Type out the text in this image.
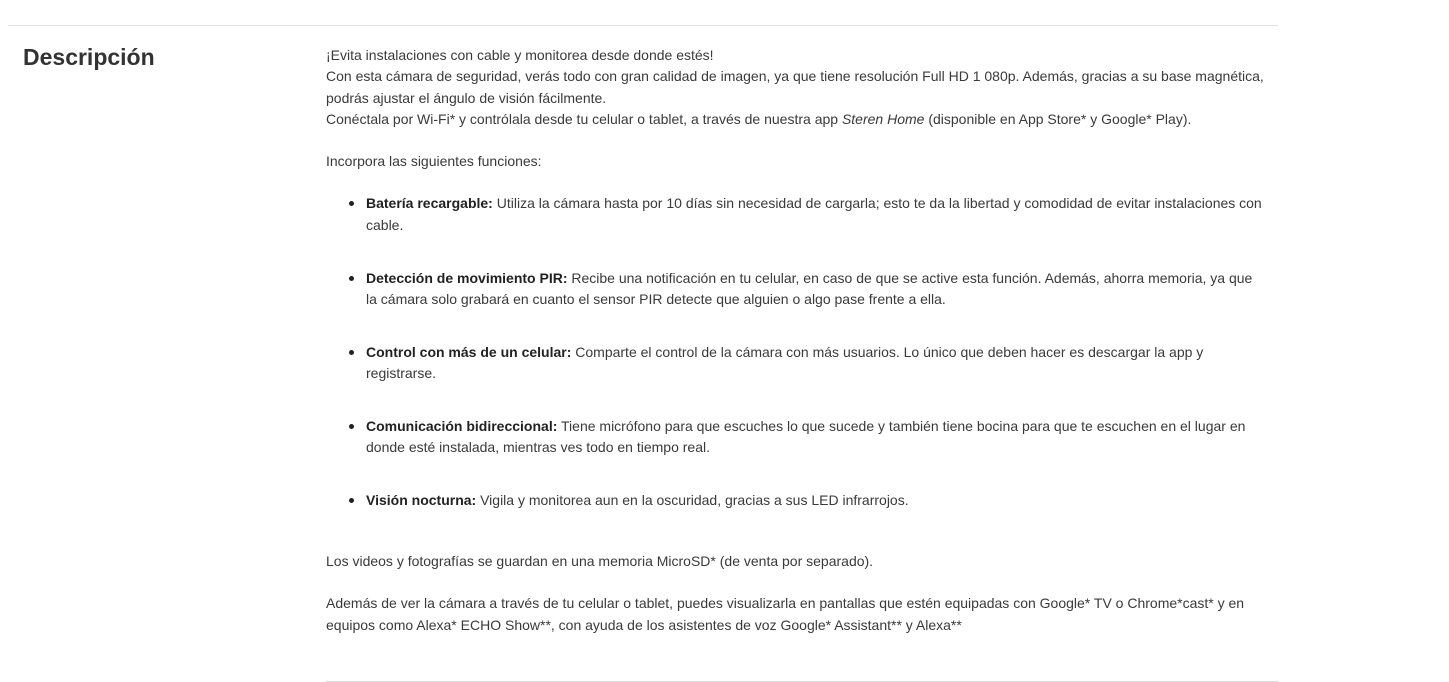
Descripción	¡Evita instalaciones con cable y monitorea desde donde estés!

Con esta cámara de seguridad, verás todo con gran calidad de imagen, ya que tiene resolución Full HD 1 080p. Además, gracias a su base magnética, podrás ajustar el ángulo de visión fácilmente.

Conéctala por Wi-Fi* y contrólala desde tu celular o tablet, a través de nuestra app Steren Home (disponible en App Store* y Google* Play).

Incorpora las siguientes funciones:

Batería recargable: Utiliza la cámara hasta por 10 días sin necesidad de cargarla; esto te da la libertad y comodidad de evitar instalaciones con cable.
Detección de movimiento PIR: Recibe una notificación en tu celular, en caso de que se active esta función. Además, ahorra memoria, ya que la cámara solo grabará en cuanto el sensor PIR detecte que alguien o algo pase frente a ella.
Control con más de un celular: Comparte el control de la cámara con más usuarios. Lo único que deben hacer es descargar la app y registrarse.
Comunicación bidireccional: Tiene micrófono para que escuches lo que sucede y también tiene bocina para que te escuchen en el lugar en donde esté instalada, mientras ves todo en tiempo real.
Visión nocturna: Vigila y monitorea aun en la oscuridad, gracias a sus LED infrarrojos.

Los videos y fotografías se guardan en una memoria MicroSD* (de venta por separado).

Además de ver la cámara a través de tu celular o tablet, puedes visualizarla en pantallas que estén equipadas con Google* TV o Chrome*cast* y en equipos como Alexa* ECHO Show**, con ayuda de los asistentes de voz Google* Assistant** y Alexa**
